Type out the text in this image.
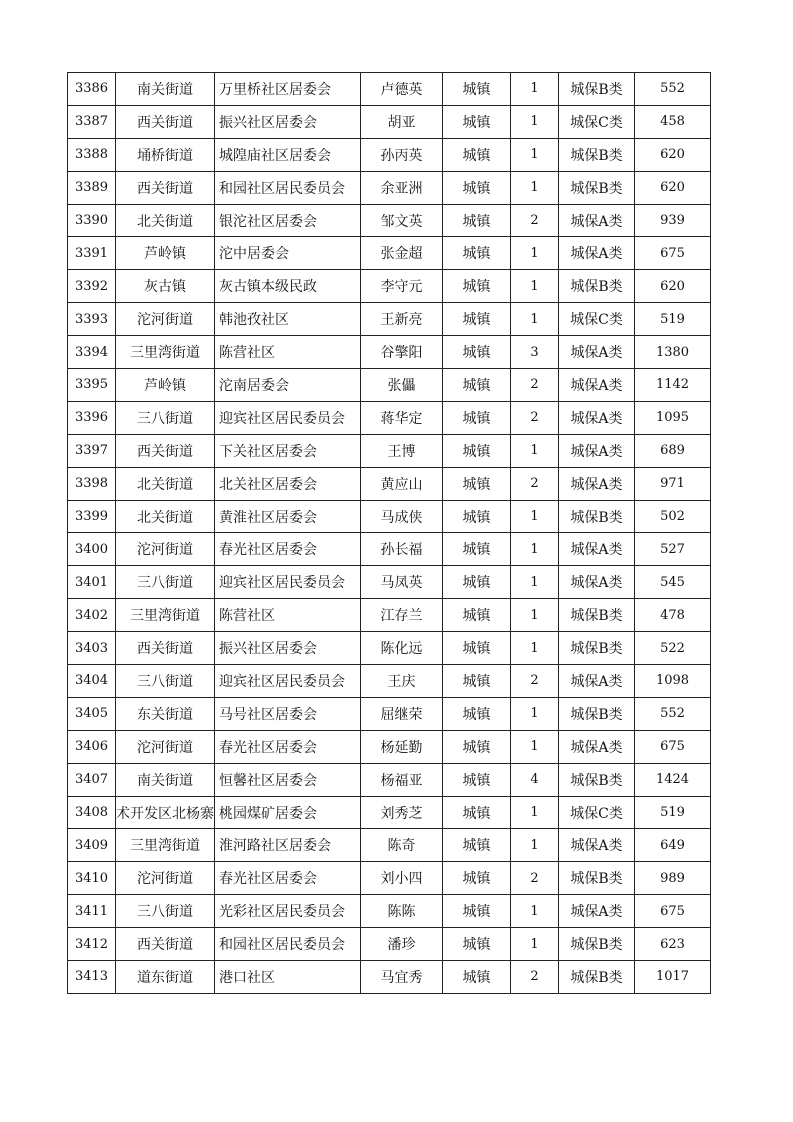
3386	南关街道	万里桥社区居委会	卢德英	城镇	1	城保B类	552
3387	西关街道	振兴社区居委会	胡亚	城镇	1	城保C类	458
3388	埇桥街道	城隍庙社区居委会	孙丙英	城镇	1	城保B类	620
3389	西关街道	和园社区居民委员会	余亚洲	城镇	1	城保B类	620
3390	北关街道	银沱社区居委会	邹文英	城镇	2	城保A类	939
3391	芦岭镇	沱中居委会	张金超	城镇	1	城保A类	675
3392	灰古镇	灰古镇本级民政	李守元	城镇	1	城保B类	620
3393	沱河街道	韩池孜社区	王新亮	城镇	1	城保C类	519
3394	三里湾街道	陈营社区	谷擎阳	城镇	3	城保A类	1380
3395	芦岭镇	沱南居委会	张儡	城镇	2	城保A类	1142
3396	三八街道	迎宾社区居民委员会	蒋华定	城镇	2	城保A类	1095
3397	西关街道	下关社区居委会	王博	城镇	1	城保A类	689
3398	北关街道	北关社区居委会	黄应山	城镇	2	城保A类	971
3399	北关街道	黄淮社区居委会	马成侠	城镇	1	城保B类	502
3400	沱河街道	春光社区居委会	孙长福	城镇	1	城保A类	527
3401	三八街道	迎宾社区居民委员会	马凤英	城镇	1	城保A类	545
3402	三里湾街道	陈营社区	江存兰	城镇	1	城保B类	478
3403	西关街道	振兴社区居委会	陈化远	城镇	1	城保B类	522
3404	三八街道	迎宾社区居民委员会	王庆	城镇	2	城保A类	1098
3405	东关街道	马号社区居委会	屈继荣	城镇	1	城保B类	552
3406	沱河街道	春光社区居委会	杨延勤	城镇	1	城保A类	675
3407	南关街道	恒馨社区居委会	杨福亚	城镇	4	城保B类	1424
3408	术开发区北杨寨	桃园煤矿居委会	刘秀芝	城镇	1	城保C类	519
3409	三里湾街道	淮河路社区居委会	陈奇	城镇	1	城保A类	649
3410	沱河街道	春光社区居委会	刘小四	城镇	2	城保B类	989
3411	三八街道	光彩社区居民委员会	陈陈	城镇	1	城保A类	675
3412	西关街道	和园社区居民委员会	潘珍	城镇	1	城保B类	623
3413	道东街道	港口社区	马宜秀	城镇	2	城保B类	1017
